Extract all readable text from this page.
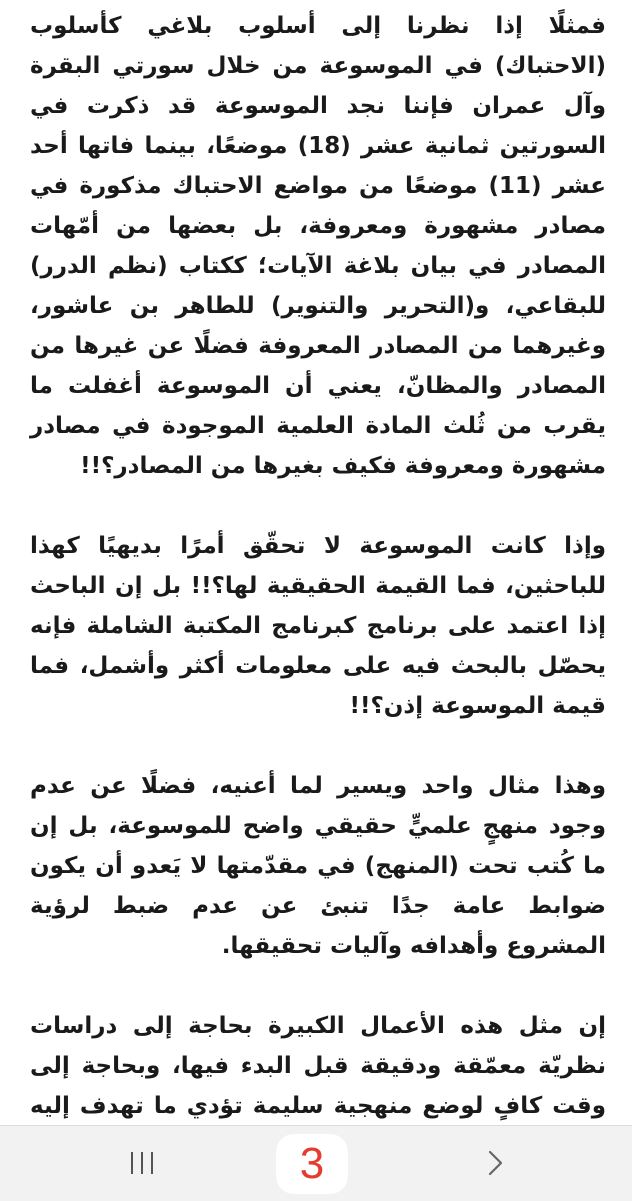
فمثلًا إذا نظرنا إلى أسلوب بلاغي كأسلوب (الاحتباك) في الموسوعة من خلال سورتي البقرة وآل عمران فإننا نجد الموسوعة قد ذكرت في السورتين ثمانية عشر (18) موضعًا، بينما فاتها أحد عشر (11) موضعًا من مواضع الاحتباك مذكورة في مصادر مشهورة ومعروفة، بل بعضها من أمّهات المصادر في بيان بلاغة الآيات؛ ككتاب (نظم الدرر) للبقاعي، و(التحرير والتنوير) للطاهر بن عاشور، وغيرهما من المصادر المعروفة فضلًا عن غيرها من المصادر والمظانّ، يعني أن الموسوعة أغفلت ما يقرب من ثُلث المادة العلمية الموجودة في مصادر مشهورة ومعروفة فكيف بغيرها من المصادر؟!!

وإذا كانت الموسوعة لا تحقّق أمرًا بديهيًا كهذا للباحثين، فما القيمة الحقيقية لها؟!! بل إن الباحث إذا اعتمد على برنامج كبرنامج المكتبة الشاملة فإنه يحصّل بالبحث فيه على معلومات أكثر وأشمل، فما قيمة الموسوعة إذن؟!!

وهذا مثال واحد ويسير لما أعنيه، فضلًا عن عدم وجود منهجٍ علميٍّ حقيقي واضح للموسوعة، بل إن ما كُتب تحت (المنهج) في مقدّمتها لا يَعدو أن يكون ضوابط عامة جدًا تنبئ عن عدم ضبط لرؤية المشروع وأهدافه وآليات تحقيقها.

إن مثل هذه الأعمال الكبيرة بحاجة إلى دراسات نظريّة معمّقة ودقيقة قبل البدء فيها، وبحاجة إلى وقت كافٍ لوضع منهجية سليمة تؤدي ما تهدف إليه

3
